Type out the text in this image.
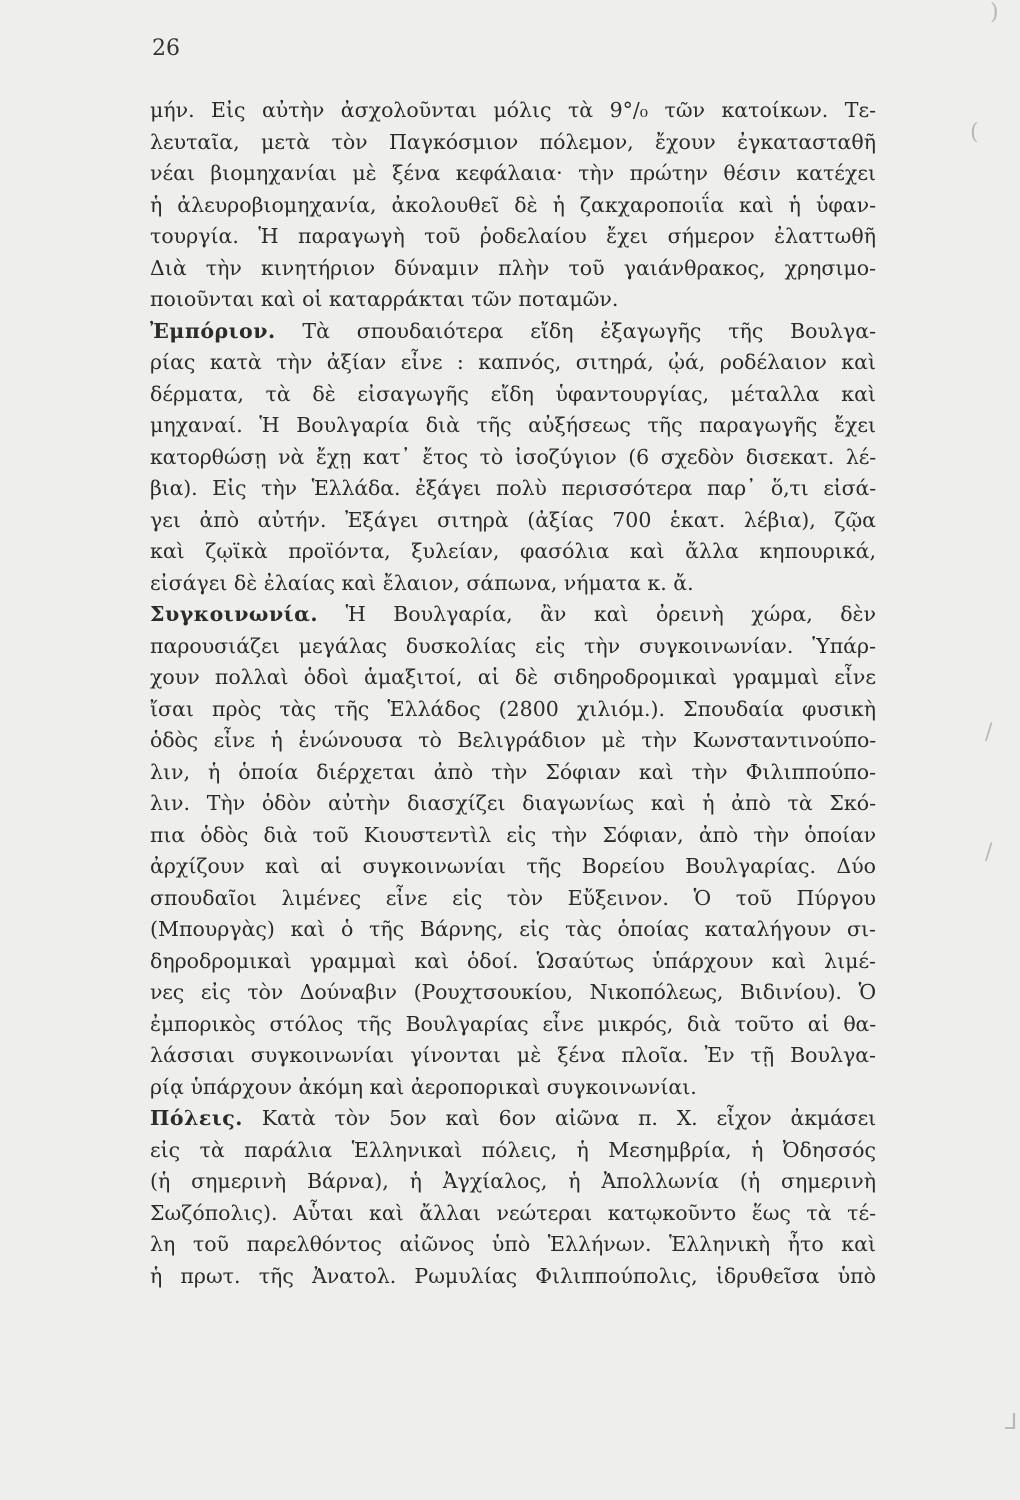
26
μήν. Εἰς αὐτὴν ἀσχολοῦνται μόλις τὰ 9°/₀ τῶν κατοίκων. Τε-
λευταῖα, μετὰ τὸν Παγκόσμιον πόλεμον, ἔχουν ἐγκατασταθῆ
νέαι βιομηχανίαι μὲ ξένα κεφάλαια· τὴν πρώτην θέσιν κατέχει
ἡ ἀλευροβιομηχανία, ἀκολουθεῖ δὲ ἡ ζακχαροποιΐα καὶ ἡ ὑφαν-
τουργία. Ἡ παραγωγὴ τοῦ ῥοδελαίου ἔχει σήμερον ἐλαττωθῆ
Διὰ τὴν κινητήριον δύναμιν πλὴν τοῦ γαιάνθρακος, χρησιμο-
ποιοῦνται καὶ οἱ καταρράκται τῶν ποταμῶν.
Ἐμπόριον. Τὰ σπουδαιότερα εἴδη ἐξαγωγῆς τῆς Βουλγα-
ρίας κατὰ τὴν ἀξίαν εἶνε : καπνός, σιτηρά, ᾠά, ροδέλαιον καὶ
δέρματα, τὰ δὲ εἰσαγωγῆς εἴδη ὑφαντουργίας, μέταλλα καὶ
μηχαναί. Ἡ Βουλγαρία διὰ τῆς αὐξήσεως τῆς παραγωγῆς ἔχει
κατορθώσῃ νὰ ἔχῃ κατ᾽ ἔτος τὸ ἰσοζύγιον (6 σχεδὸν δισεκατ. λέ-
βια). Εἰς τὴν Ἑλλάδα. ἐξάγει πολὺ περισσότερα παρ᾽ ὅ,τι εἰσά-
γει ἀπὸ αὐτήν. Ἐξάγει σιτηρὰ (ἀξίας 700 ἑκατ. λέβια), ζῷα
καὶ ζῳϊκὰ προϊόντα, ξυλείαν, φασόλια καὶ ἄλλα κηπουρικά,
εἰσάγει δὲ ἐλαίας καὶ ἔλαιον, σάπωνα, νήματα κ. ἄ.
Συγκοινωνία. Ἡ Βουλγαρία, ἂν καὶ ὀρεινὴ χώρα, δὲν
παρουσιάζει μεγάλας δυσκολίας εἰς τὴν συγκοινωνίαν. Ὑπάρ-
χουν πολλαὶ ὁδοὶ ἁμαξιτοί, αἱ δὲ σιδηροδρομικαὶ γραμμαὶ εἶνε
ἴσαι πρὸς τὰς τῆς Ἑλλάδος (2800 χιλιόμ.). Σπουδαία φυσικὴ
ὁδὸς εἶνε ἡ ἑνώνουσα τὸ Βελιγράδιον μὲ τὴν Κωνσταντινούπο-
λιν, ἡ ὁποία διέρχεται ἀπὸ τὴν Σόφιαν καὶ τὴν Φιλιππούπο-
λιν. Τὴν ὁδὸν αὐτὴν διασχίζει διαγωνίως καὶ ἡ ἀπὸ τὰ Σκό-
πια ὁδὸς διὰ τοῦ Κιουστεντὶλ εἰς τὴν Σόφιαν, ἀπὸ τὴν ὁποίαν
ἀρχίζουν καὶ αἱ συγκοινωνίαι τῆς Βορείου Βουλγαρίας. Δύο
σπουδαῖοι λιμένες εἶνε εἰς τὸν Εὔξεινον. Ὁ τοῦ Πύργου
(Μπουργὰς) καὶ ὁ τῆς Βάρνης, εἰς τὰς ὁποίας καταλήγουν σι-
δηροδρομικαὶ γραμμαὶ καὶ ὁδοί. Ὡσαύτως ὑπάρχουν καὶ λιμέ-
νες εἰς τὸν Δούναβιν (Ρουχτσουκίου, Νικοπόλεως, Βιδινίου). Ὁ
ἐμπορικὸς στόλος τῆς Βουλγαρίας εἶνε μικρός, διὰ τοῦτο αἱ θα-
λάσσιαι συγκοινωνίαι γίνονται μὲ ξένα πλοῖα. Ἐν τῇ Βουλγα-
ρίᾳ ὑπάρχουν ἀκόμη καὶ ἀεροπορικαὶ συγκοινωνίαι.
Πόλεις. Κατὰ τὸν 5ον καὶ 6ον αἰῶνα π. Χ. εἶχον ἀκμάσει
εἰς τὰ παράλια Ἑλληνικαὶ πόλεις, ἡ Μεσημβρία, ἡ Ὀδησσός
(ἡ σημερινὴ Βάρνα), ἡ Ἀγχίαλος, ἡ Ἀπολλωνία (ἡ σημερινὴ
Σωζόπολις). Αὗται καὶ ἄλλαι νεώτεραι κατῳκοῦντο ἕως τὰ τέ-
λη τοῦ παρελθόντος αἰῶνος ὑπὸ Ἑλλήνων. Ἑλληνικὴ ἦτο καὶ
ἡ πρωτ. τῆς Ἀνατολ. Ρωμυλίας Φιλιππούπολις, ἱδρυθεῖσα ὑπὸ
)
(
/
/
⅃
